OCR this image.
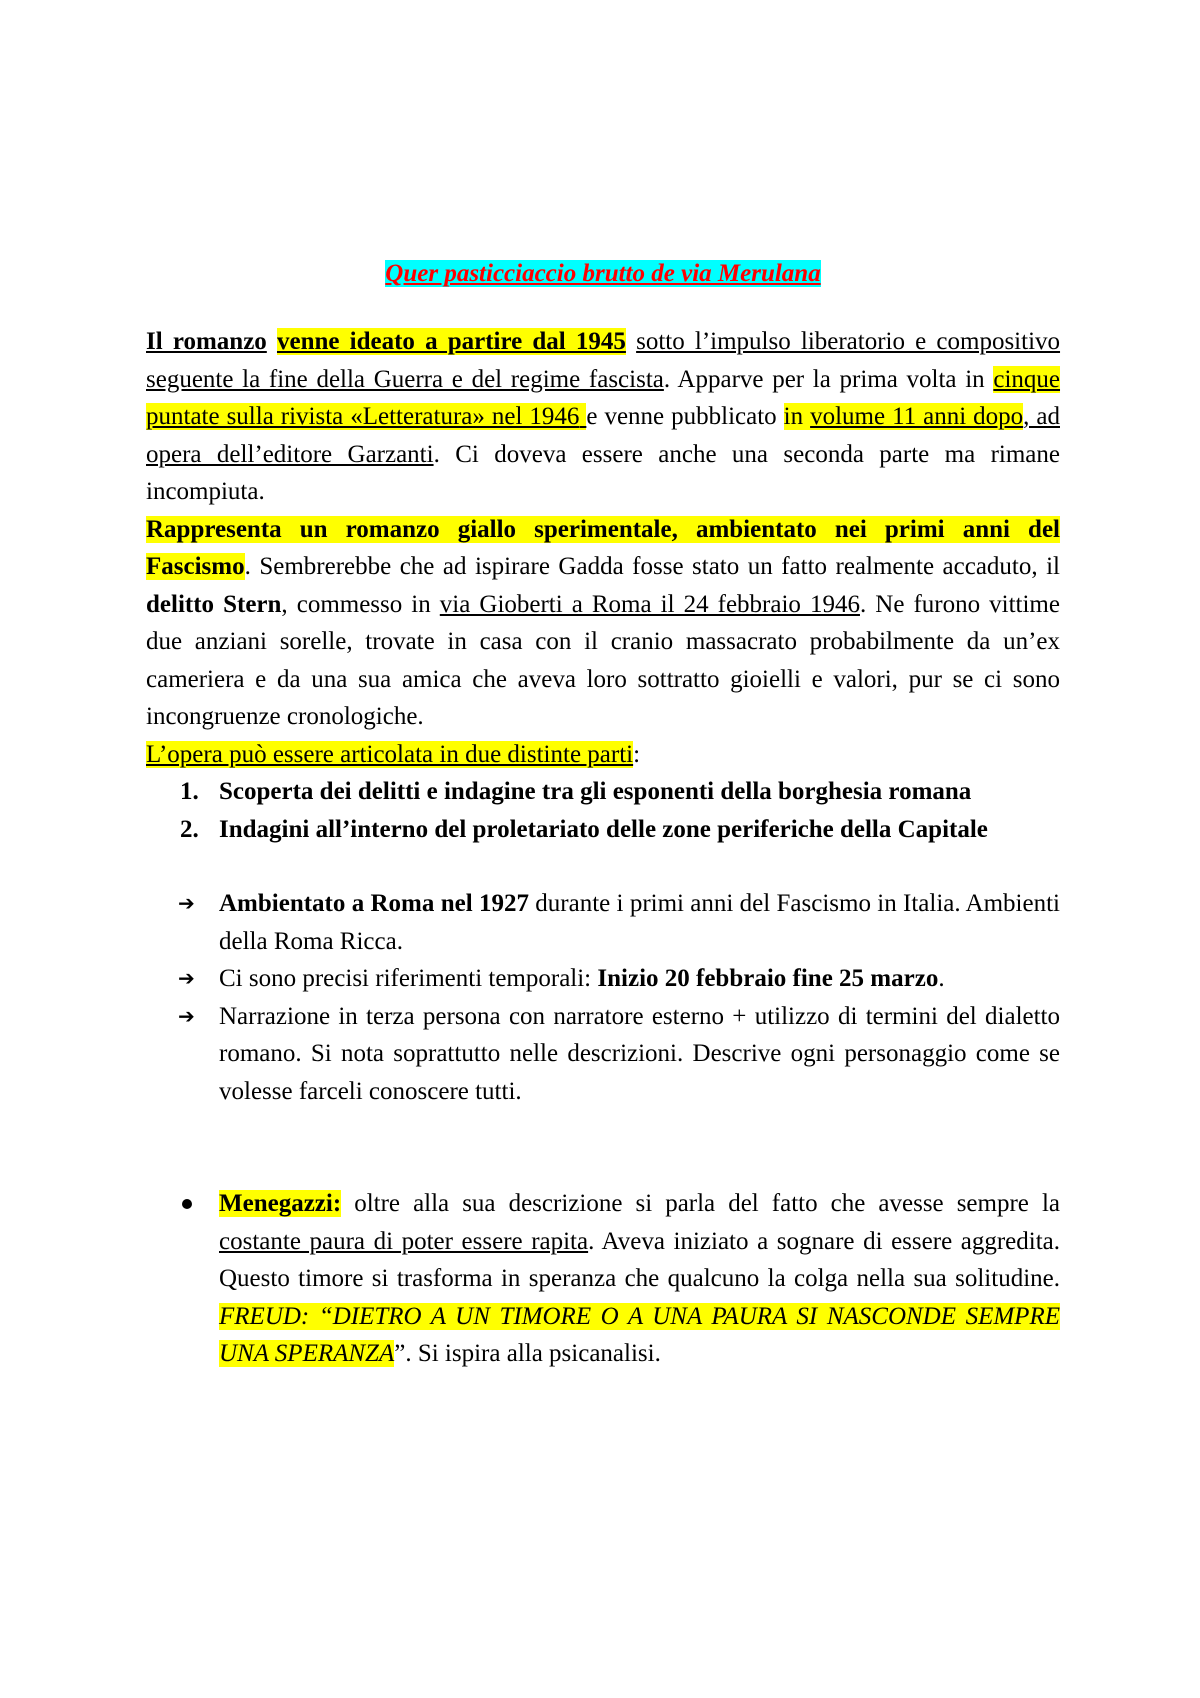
Quer pasticciaccio brutto de via Merulana

Il romanzo venne ideato a partire dal 1945 sotto l’impulso liberatorio e compositivo seguente la fine della Guerra e del regime fascista. Apparve per la prima volta in cinque puntate sulla rivista «Letteratura» nel 1946 e venne pubblicato in volume 11 anni dopo, ad opera dell’editore Garzanti. Ci doveva essere anche una seconda parte ma rimane incompiuta.

Rappresenta un romanzo giallo sperimentale, ambientato nei primi anni del Fascismo. Sembrerebbe che ad ispirare Gadda fosse stato un fatto realmente accaduto, il delitto Stern, commesso in via Gioberti a Roma il 24 febbraio 1946. Ne furono vittime due anziani sorelle, trovate in casa con il cranio massacrato probabilmente da un’ex cameriera e da una sua amica che aveva loro sottratto gioielli e valori, pur se ci sono incongruenze cronologiche.

L’opera può essere articolata in due distinte parti:

1. Scoperta dei delitti e indagine tra gli esponenti della borghesia romana
2. Indagini all’interno del proletariato delle zone periferiche della Capitale
➔ Ambientato a Roma nel 1927 durante i primi anni del Fascismo in Italia. Ambienti della Roma Ricca.
➔ Ci sono precisi riferimenti temporali: Inizio 20 febbraio fine 25 marzo.
➔ Narrazione in terza persona con narratore esterno + utilizzo di termini del dialetto romano. Si nota soprattutto nelle descrizioni. Descrive ogni personaggio come se volesse farceli conoscere tutti.
Menegazzi: oltre alla sua descrizione si parla del fatto che avesse sempre la costante paura di poter essere rapita. Aveva iniziato a sognare di essere aggredita. Questo timore si trasforma in speranza che qualcuno la colga nella sua solitudine. FREUD: “DIETRO A UN TIMORE O A UNA PAURA SI NASCONDE SEMPRE UNA SPERANZA”. Si ispira alla psicanalisi.
